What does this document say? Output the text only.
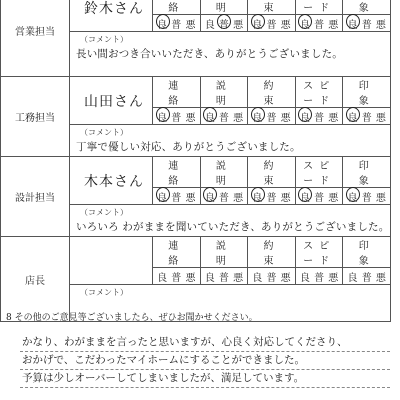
営業担当	鈴木さん	　絡	　明	　束	ード	　象
		良 普 悪	良 普 悪	良 普 悪	良 普 悪	良 普 悪

	（コメント）
長い間おつき合いいただき、ありがとうございました。					

工務担当	山田さん	連　絡	説　明	約　束	スピード	印　象
		良 普 悪	良 普 悪	良 普 悪	良 普 悪	良 普 悪

	（コメント）
丁寧で優しい対応、ありがとうございました。					

設計担当	木本さん	連　絡	説　明	約　束	スピード	印　象
		良 普 悪	良 普 悪	良 普 悪	良 普 悪	良 普 悪

	（コメント）
いろいろ わがままを聞いていただき、ありがとうございました。					

店長		連　絡	説　明	約　束	スピード	印　象
		良 普 悪	良 普 悪	良 普 悪	良 普 悪	良 普 悪

	（コメント）					
8 その他のご意見等ございましたら、ぜひお聞かせください。
かなり、わがままを言ったと思いますが、心良く対応してくださり、
おかげで、こだわったマイホームにすることができました。
予算は少しオーバーしてしまいましたが、満足しています。
